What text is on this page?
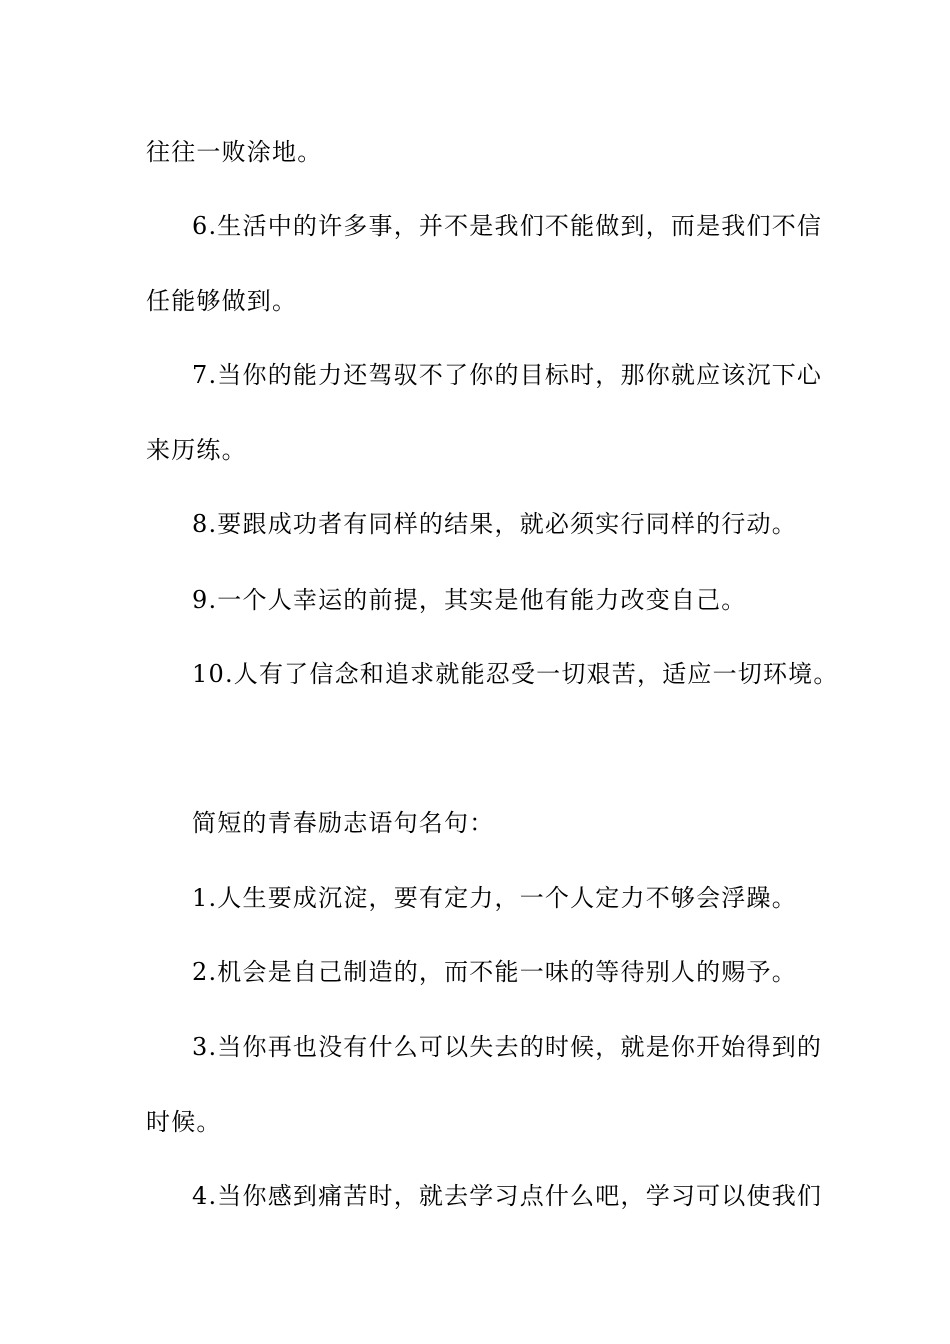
往往一败涂地。
6.生活中的许多事，并不是我们不能做到，而是我们不信
任能够做到。
7.当你的能力还驾驭不了你的目标时，那你就应该沉下心
来历练。
8.要跟成功者有同样的结果，就必须实行同样的行动。
9.一个人幸运的前提，其实是他有能力改变自己。
10.人有了信念和追求就能忍受一切艰苦，适应一切环境。
简短的青春励志语句名句：
1.人生要成沉淀，要有定力，一个人定力不够会浮躁。
2.机会是自己制造的，而不能一味的等待别人的赐予。
3.当你再也没有什么可以失去的时候，就是你开始得到的
时候。
4.当你感到痛苦时，就去学习点什么吧，学习可以使我们
